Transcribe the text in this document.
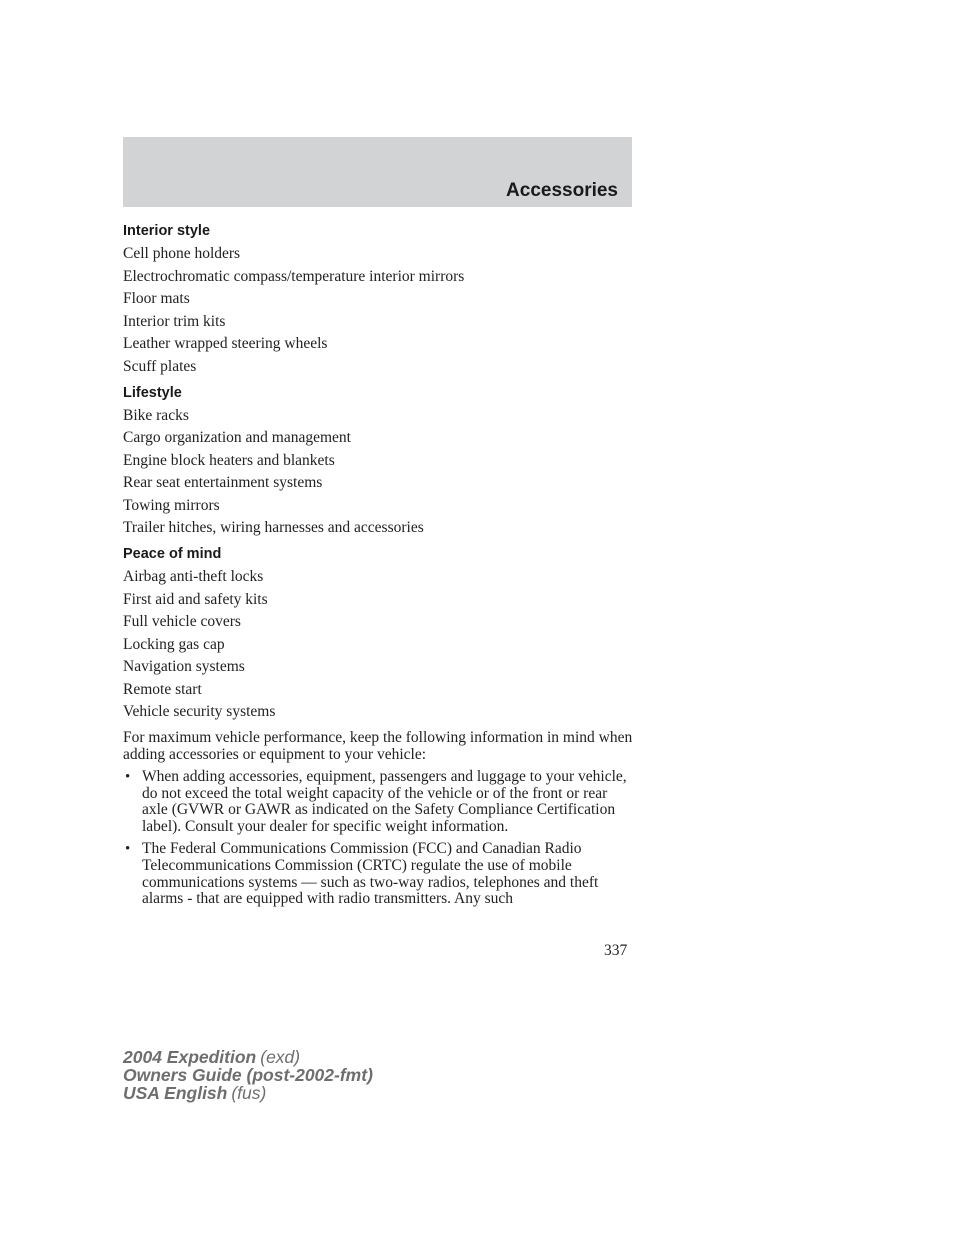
Accessories
Interior style
Cell phone holders
Electrochromatic compass/temperature interior mirrors
Floor mats
Interior trim kits
Leather wrapped steering wheels
Scuff plates
Lifestyle
Bike racks
Cargo organization and management
Engine block heaters and blankets
Rear seat entertainment systems
Towing mirrors
Trailer hitches, wiring harnesses and accessories
Peace of mind
Airbag anti-theft locks
First aid and safety kits
Full vehicle covers
Locking gas cap
Navigation systems
Remote start
Vehicle security systems
For maximum vehicle performance, keep the following information in mind when adding accessories or equipment to your vehicle:
• When adding accessories, equipment, passengers and luggage to your vehicle, do not exceed the total weight capacity of the vehicle or of the front or rear axle (GVWR or GAWR as indicated on the Safety Compliance Certification label). Consult your dealer for specific weight information.
• The Federal Communications Commission (FCC) and Canadian Radio Telecommunications Commission (CRTC) regulate the use of mobile communications systems — such as two-way radios, telephones and theft alarms - that are equipped with radio transmitters. Any such
337
2004 Expedition (exd)
Owners Guide (post-2002-fmt)
USA English (fus)
